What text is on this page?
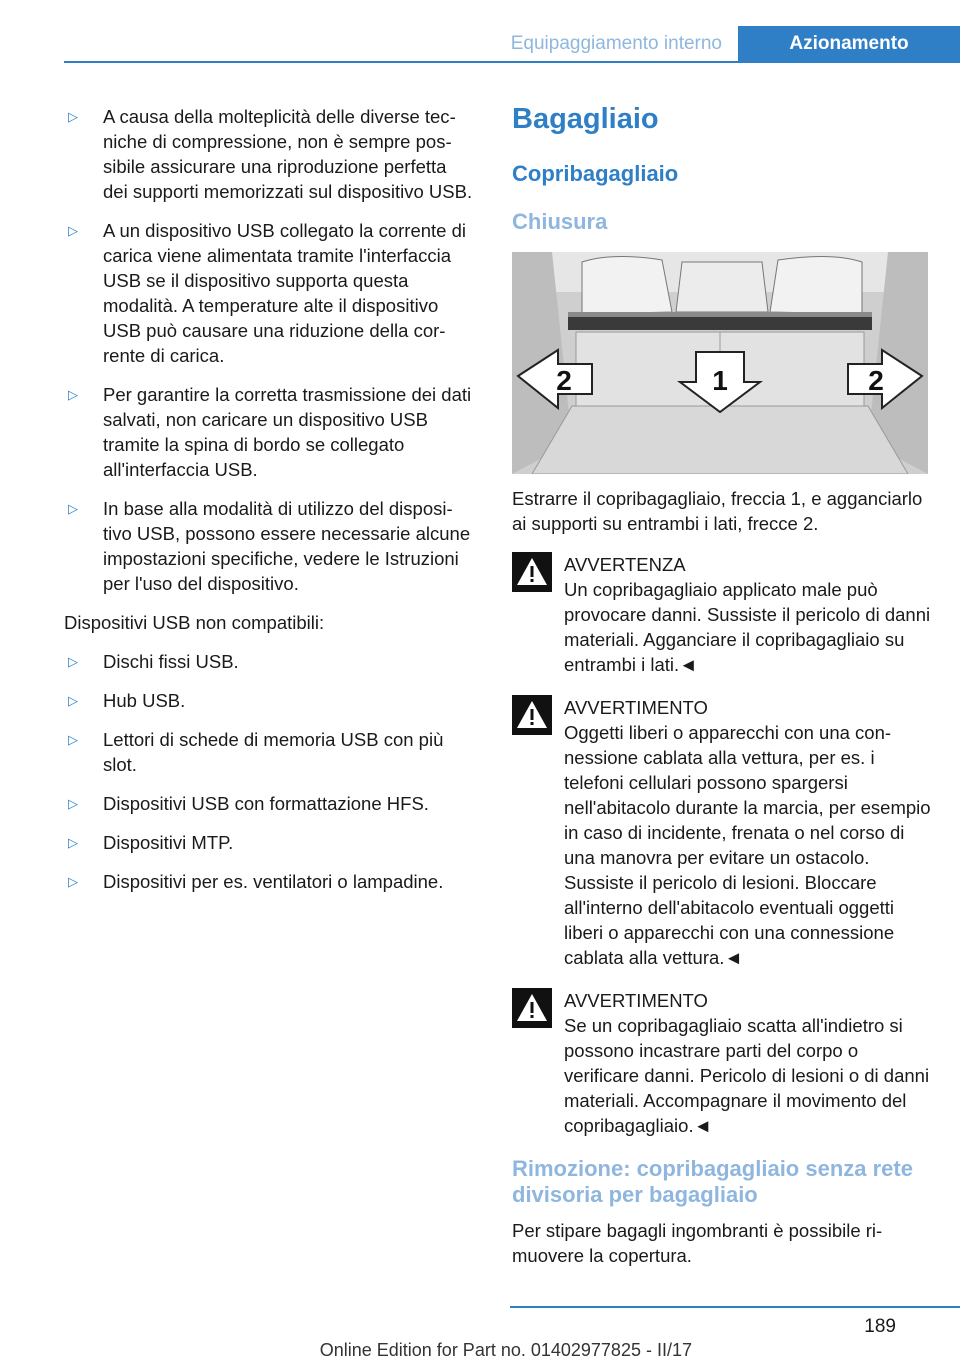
Equipaggiamento interno	Azionamento
▷	A causa della molteplicità delle diverse tecniche di compressione, non è sempre possibile assicurare una riproduzione perfetta dei supporti memorizzati sul dispositivo USB.
▷	A un dispositivo USB collegato la corrente di carica viene alimentata tramite l'interfaccia USB se il dispositivo supporta questa modalità. A temperature alte il dispositivo USB può causare una riduzione della corrente di carica.
▷	Per garantire la corretta trasmissione dei dati salvati, non caricare un dispositivo USB tramite la spina di bordo se collegato all'interfaccia USB.
▷	In base alla modalità di utilizzo del dispositivo USB, possono essere necessarie alcune impostazioni specifiche, vedere le Istruzioni per l'uso del dispositivo.
Dispositivi USB non compatibili:
▷	Dischi fissi USB.
▷	Hub USB.
▷	Lettori di schede di memoria USB con più slot.
▷	Dispositivi USB con formattazione HFS.
▷	Dispositivi MTP.
▷	Dispositivi per es. ventilatori o lampadine.
Bagagliaio
Copribagagliaio
Chiusura
1
2	2

Estrarre il copribagagliaio, freccia 1, e agganciarlo ai supporti su entrambi i lati, frecce 2.

AVVERTENZA
Un copribagagliaio applicato male può provocare danni. Sussiste il pericolo di danni materiali. Agganciare il copribagagliaio su entrambi i lati.◄
AVVERTIMENTO
Oggetti liberi o apparecchi con una connessione cablata alla vettura, per es. i telefoni cellulari possono spargersi nell'abitacolo durante la marcia, per esempio in caso di incidente, frenata o nel corso di una manovra per evitare un ostacolo. Sussiste il pericolo di lesioni. Bloccare all'interno dell'abitacolo eventuali oggetti liberi o apparecchi con una connessione cablata alla vettura.◄
AVVERTIMENTO
Se un copribagagliaio scatta all'indietro si possono incastrare parti del corpo o verificare danni. Pericolo di lesioni o di danni materiali. Accompagnare il movimento del copribagagliaio.◄
Rimozione: copribagagliaio senza rete divisoria per bagagliaio

Per stipare bagagli ingombranti è possibile rimuovere la copertura.

189
Online Edition for Part no. 01402977825 - II/17
